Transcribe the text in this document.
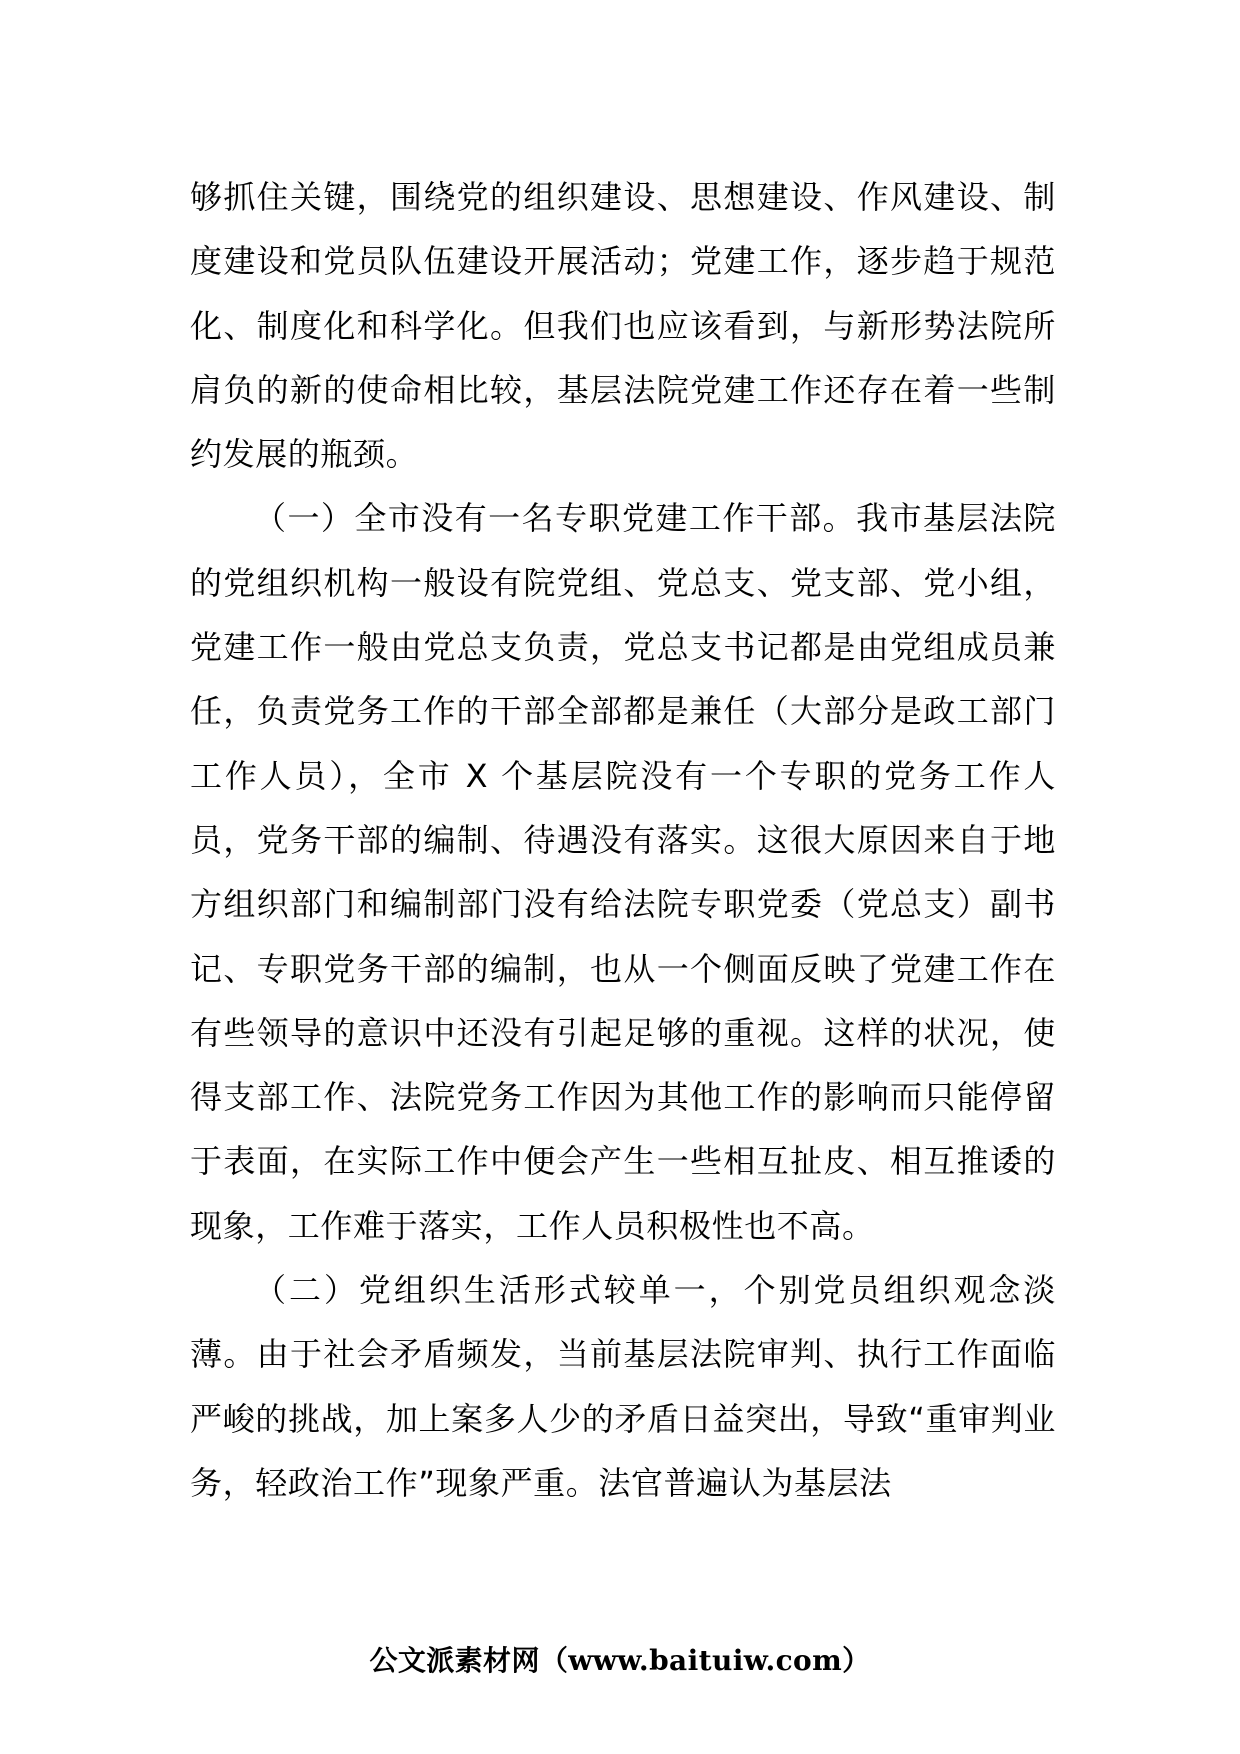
够抓住关键，围绕党的组织建设、思想建设、作风建设、制度建设和党员队伍建设开展活动；党建工作，逐步趋于规范化、制度化和科学化。但我们也应该看到，与新形势法院所肩负的新的使命相比较，基层法院党建工作还存在着一些制约发展的瓶颈。

（一）全市没有一名专职党建工作干部。我市基层法院的党组织机构一般设有院党组、党总支、党支部、党小组，党建工作一般由党总支负责，党总支书记都是由党组成员兼任，负责党务工作的干部全部都是兼任（大部分是政工部门工作人员），全市 X 个基层院没有一个专职的党务工作人员，党务干部的编制、待遇没有落实。这很大原因来自于地方组织部门和编制部门没有给法院专职党委（党总支）副书记、专职党务干部的编制，也从一个侧面反映了党建工作在有些领导的意识中还没有引起足够的重视。这样的状况，使得支部工作、法院党务工作因为其他工作的影响而只能停留于表面，在实际工作中便会产生一些相互扯皮、相互推诿的现象，工作难于落实，工作人员积极性也不高。

（二）党组织生活形式较单一，个别党员组织观念淡薄。由于社会矛盾频发，当前基层法院审判、执行工作面临严峻的挑战，加上案多人少的矛盾日益突出，导致“重审判业务，轻政治工作”现象严重。法官普遍认为基层法

公文派素材网（www.baituiw.com）
